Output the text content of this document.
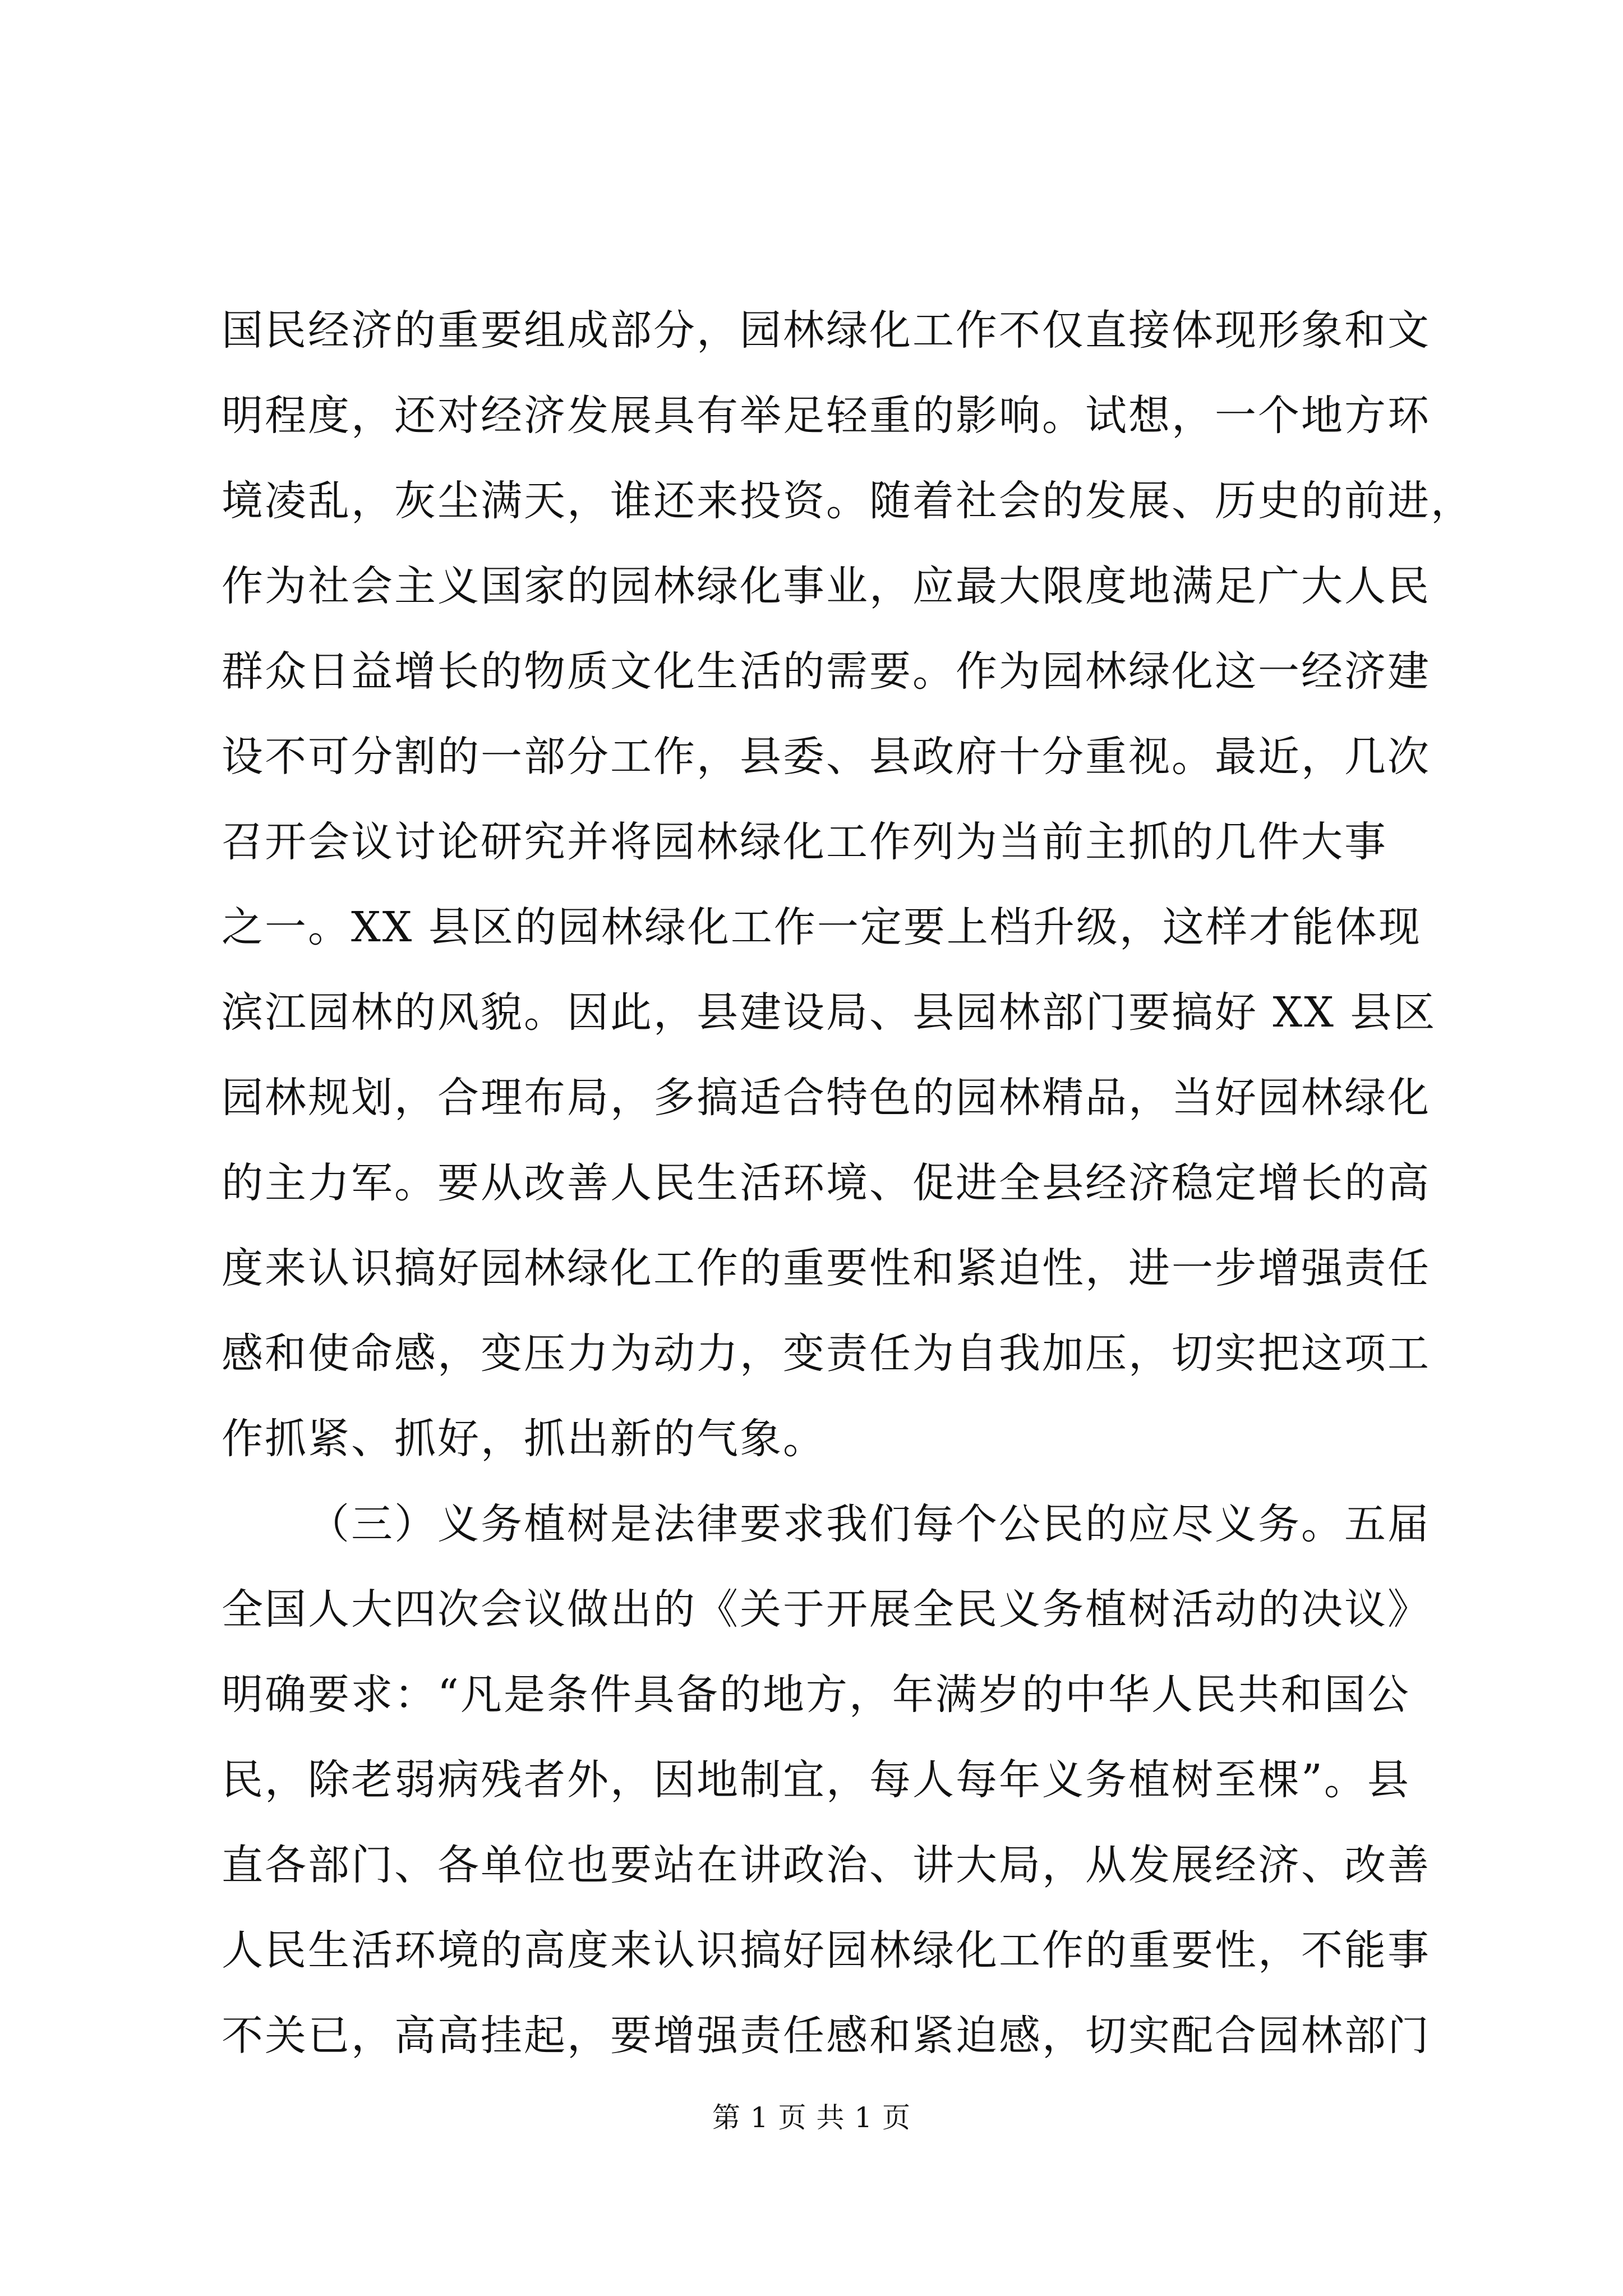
国民经济的重要组成部分，园林绿化工作不仅直接体现形象和文
明程度，还对经济发展具有举足轻重的影响。试想，一个地方环
境凌乱，灰尘满天，谁还来投资。随着社会的发展、历史的前进，
作为社会主义国家的园林绿化事业，应最大限度地满足广大人民
群众日益增长的物质文化生活的需要。作为园林绿化这一经济建
设不可分割的一部分工作，县委、县政府十分重视。最近，几次
召开会议讨论研究并将园林绿化工作列为当前主抓的几件大事
之一。XX 县区的园林绿化工作一定要上档升级，这样才能体现
滨江园林的风貌。因此，县建设局、县园林部门要搞好 XX 县区
园林规划，合理布局，多搞适合特色的园林精品，当好园林绿化
的主力军。要从改善人民生活环境、促进全县经济稳定增长的高
度来认识搞好园林绿化工作的重要性和紧迫性，进一步增强责任
感和使命感，变压力为动力，变责任为自我加压，切实把这项工
作抓紧、抓好，抓出新的气象。
（三）义务植树是法律要求我们每个公民的应尽义务。五届
全国人大四次会议做出的《关于开展全民义务植树活动的决议》
明确要求：“凡是条件具备的地方，年满岁的中华人民共和国公
民，除老弱病残者外，因地制宜，每人每年义务植树至棵”。县
直各部门、各单位也要站在讲政治、讲大局，从发展经济、改善
人民生活环境的高度来认识搞好园林绿化工作的重要性，不能事
不关已，高高挂起，要增强责任感和紧迫感，切实配合园林部门
第 1 页 共 1 页
